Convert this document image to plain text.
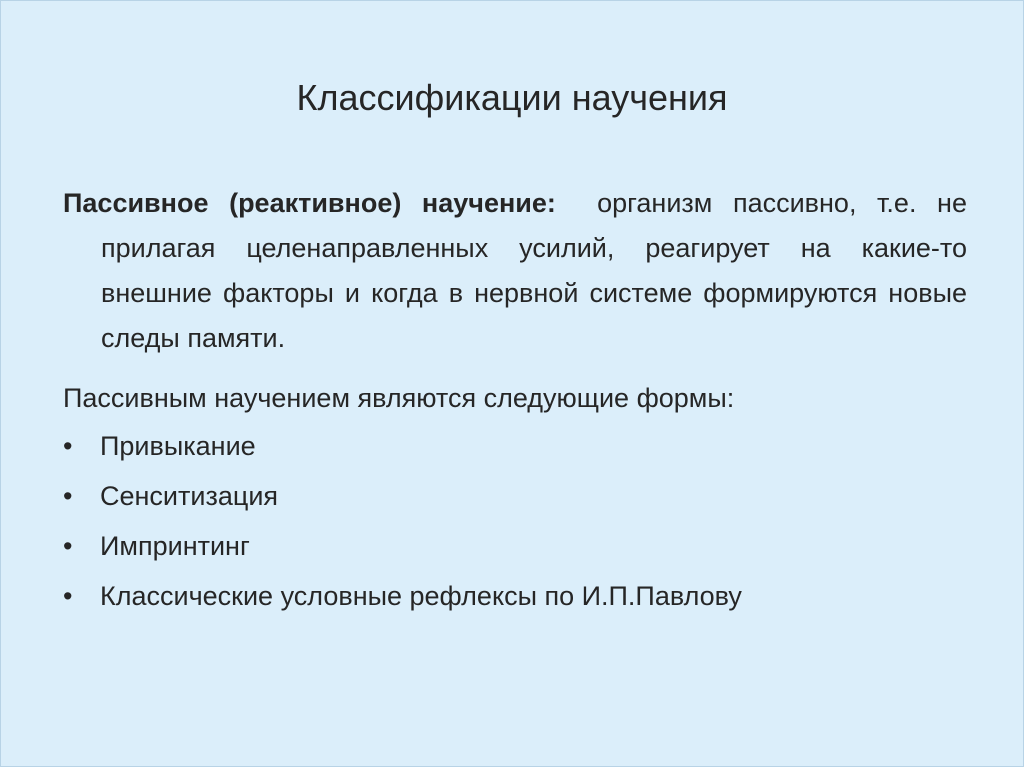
Классификации научения

Пассивное (реактивное) научение: организм пассивно, т.е. не прилагая целенаправленных усилий, реагирует на какие-то внешние факторы и когда в нервной системе формируются новые следы памяти.

Пассивным научением являются следующие формы:

• Привыкание
• Сенситизация
• Импринтинг
• Классические условные рефлексы по И.П.Павлову
